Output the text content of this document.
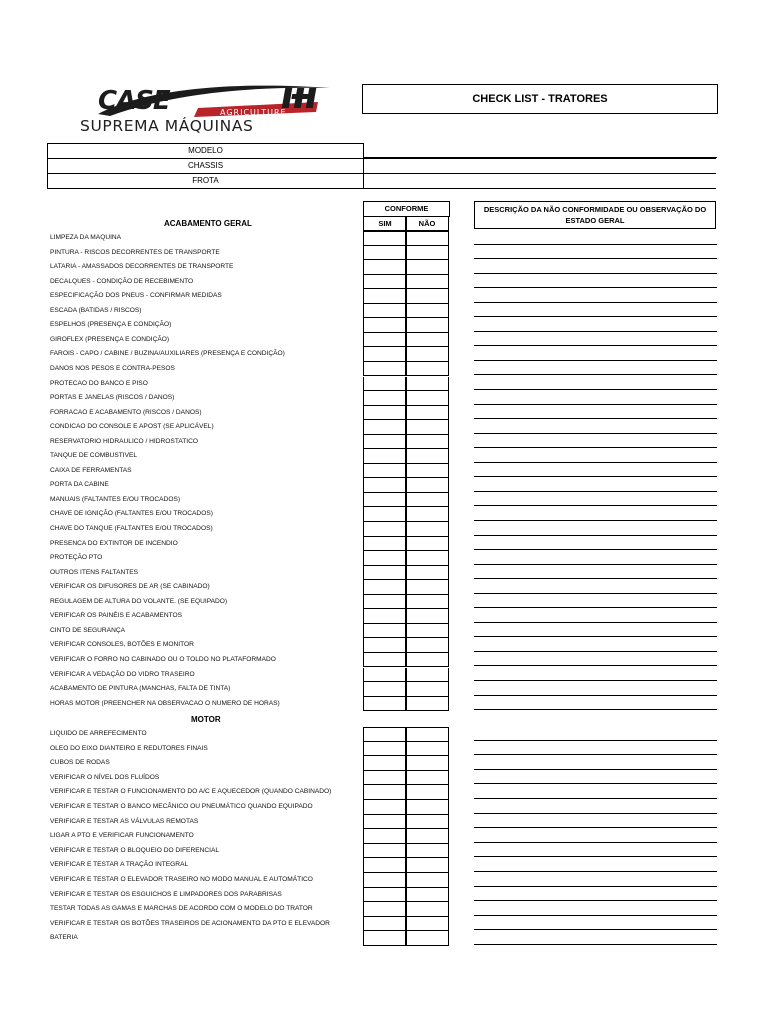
CASE	AGRICULTURE
SUPREMA MÁQUINAS
CHECK LIST - TRATORES
MODELO
CHASSIS
FROTA
CONFORME
SIM	NÃO
DESCRIÇÃO DA NÃO CONFORMIDADE OU OBSERVAÇÃO DO ESTADO GERAL
ACABAMENTO GERAL
LIMPEZA DA MAQUINA
PINTURA - RISCOS DECORRENTES DE TRANSPORTE
LATARIA - AMASSADOS DECORRENTES DE TRANSPORTE
DECALQUES - CONDIÇÃO DE RECEBIMENTO
ESPECIFICAÇÃO DOS PNEUS - CONFIRMAR MEDIDAS
ESCADA (BATIDAS / RISCOS)
ESPELHOS (PRESENÇA E CONDIÇÃO)
GIROFLEX (PRESENÇA E CONDIÇÃO)
FAROIS - CAPO / CABINE / BUZINA/AUXILIARES (PRESENÇA E CONDIÇÃO)
DANOS NOS PESOS E CONTRA-PESOS
PROTECAO DO BANCO E PISO
PORTAS E JANELAS (RISCOS / DANOS)
FORRACAO E ACABAMENTO (RISCOS / DANOS)
CONDICAO DO CONSOLE E APOST (SE APLICÁVEL)
RESERVATORIO HIDRAULICO / HIDROSTATICO
TANQUE DE COMBUSTIVEL
CAIXA DE FERRAMENTAS
PORTA DA CABINE
MANUAIS (FALTANTES E/OU TROCADOS)
CHAVE DE IGNIÇÃO (FALTANTES E/OU TROCADOS)
CHAVE DO TANQUE (FALTANTES E/OU TROCADOS)
PRESENCA DO EXTINTOR DE INCENDIO
PROTEÇÃO PTO
OUTROS ITENS FALTANTES
VERIFICAR OS DIFUSORES DE AR (SE CABINADO)
REGULAGEM DE ALTURA DO VOLANTE. (SE EQUIPADO)
VERIFICAR OS PAINÉIS E ACABAMENTOS
CINTO DE SEGURANÇA
VERIFICAR CONSOLES, BOTÕES E MONITOR
VERIFICAR O FORRO NO CABINADO OU O TOLDO NO PLATAFORMADO
VERIFICAR A VEDAÇÃO DO VIDRO TRASEIRO
ACABAMENTO DE PINTURA (MANCHAS, FALTA DE TINTA)
HORAS MOTOR (PREENCHER NA OBSERVACAO O NUMERO DE HORAS)
MOTOR
LIQUIDO DE ARREFECIMENTO
OLEO DO EIXO DIANTEIRO E REDUTORES FINAIS
CUBOS DE RODAS
VERIFICAR O NÍVEL DOS FLUÍDOS
VERIFICAR E TESTAR O FUNCIONAMENTO DO A/C E AQUECEDOR (QUANDO CABINADO)
VERIFICAR E TESTAR O BANCO MECÂNICO OU PNEUMÁTICO QUANDO EQUIPADO
VERIFICAR E TESTAR AS VÁLVULAS REMOTAS
LIGAR A PTO E VERIFICAR FUNCIONAMENTO
VERIFICAR E TESTAR O BLOQUEIO DO DIFERENCIAL
VERIFICAR E TESTAR A TRAÇÃO INTEGRAL
VERIFICAR E TESTAR O ELEVADOR TRASEIRO NO MODO MANUAL E AUTOMÁTICO
VERIFICAR E TESTAR OS ESGUICHOS E LIMPADORES DOS PARABRISAS
TESTAR TODAS AS GAMAS E MARCHAS DE ACORDO COM O MODELO DO TRATOR
VERIFICAR E TESTAR OS BOTÕES TRASEIROS DE ACIONAMENTO DA PTO E ELEVADOR
BATERIA
